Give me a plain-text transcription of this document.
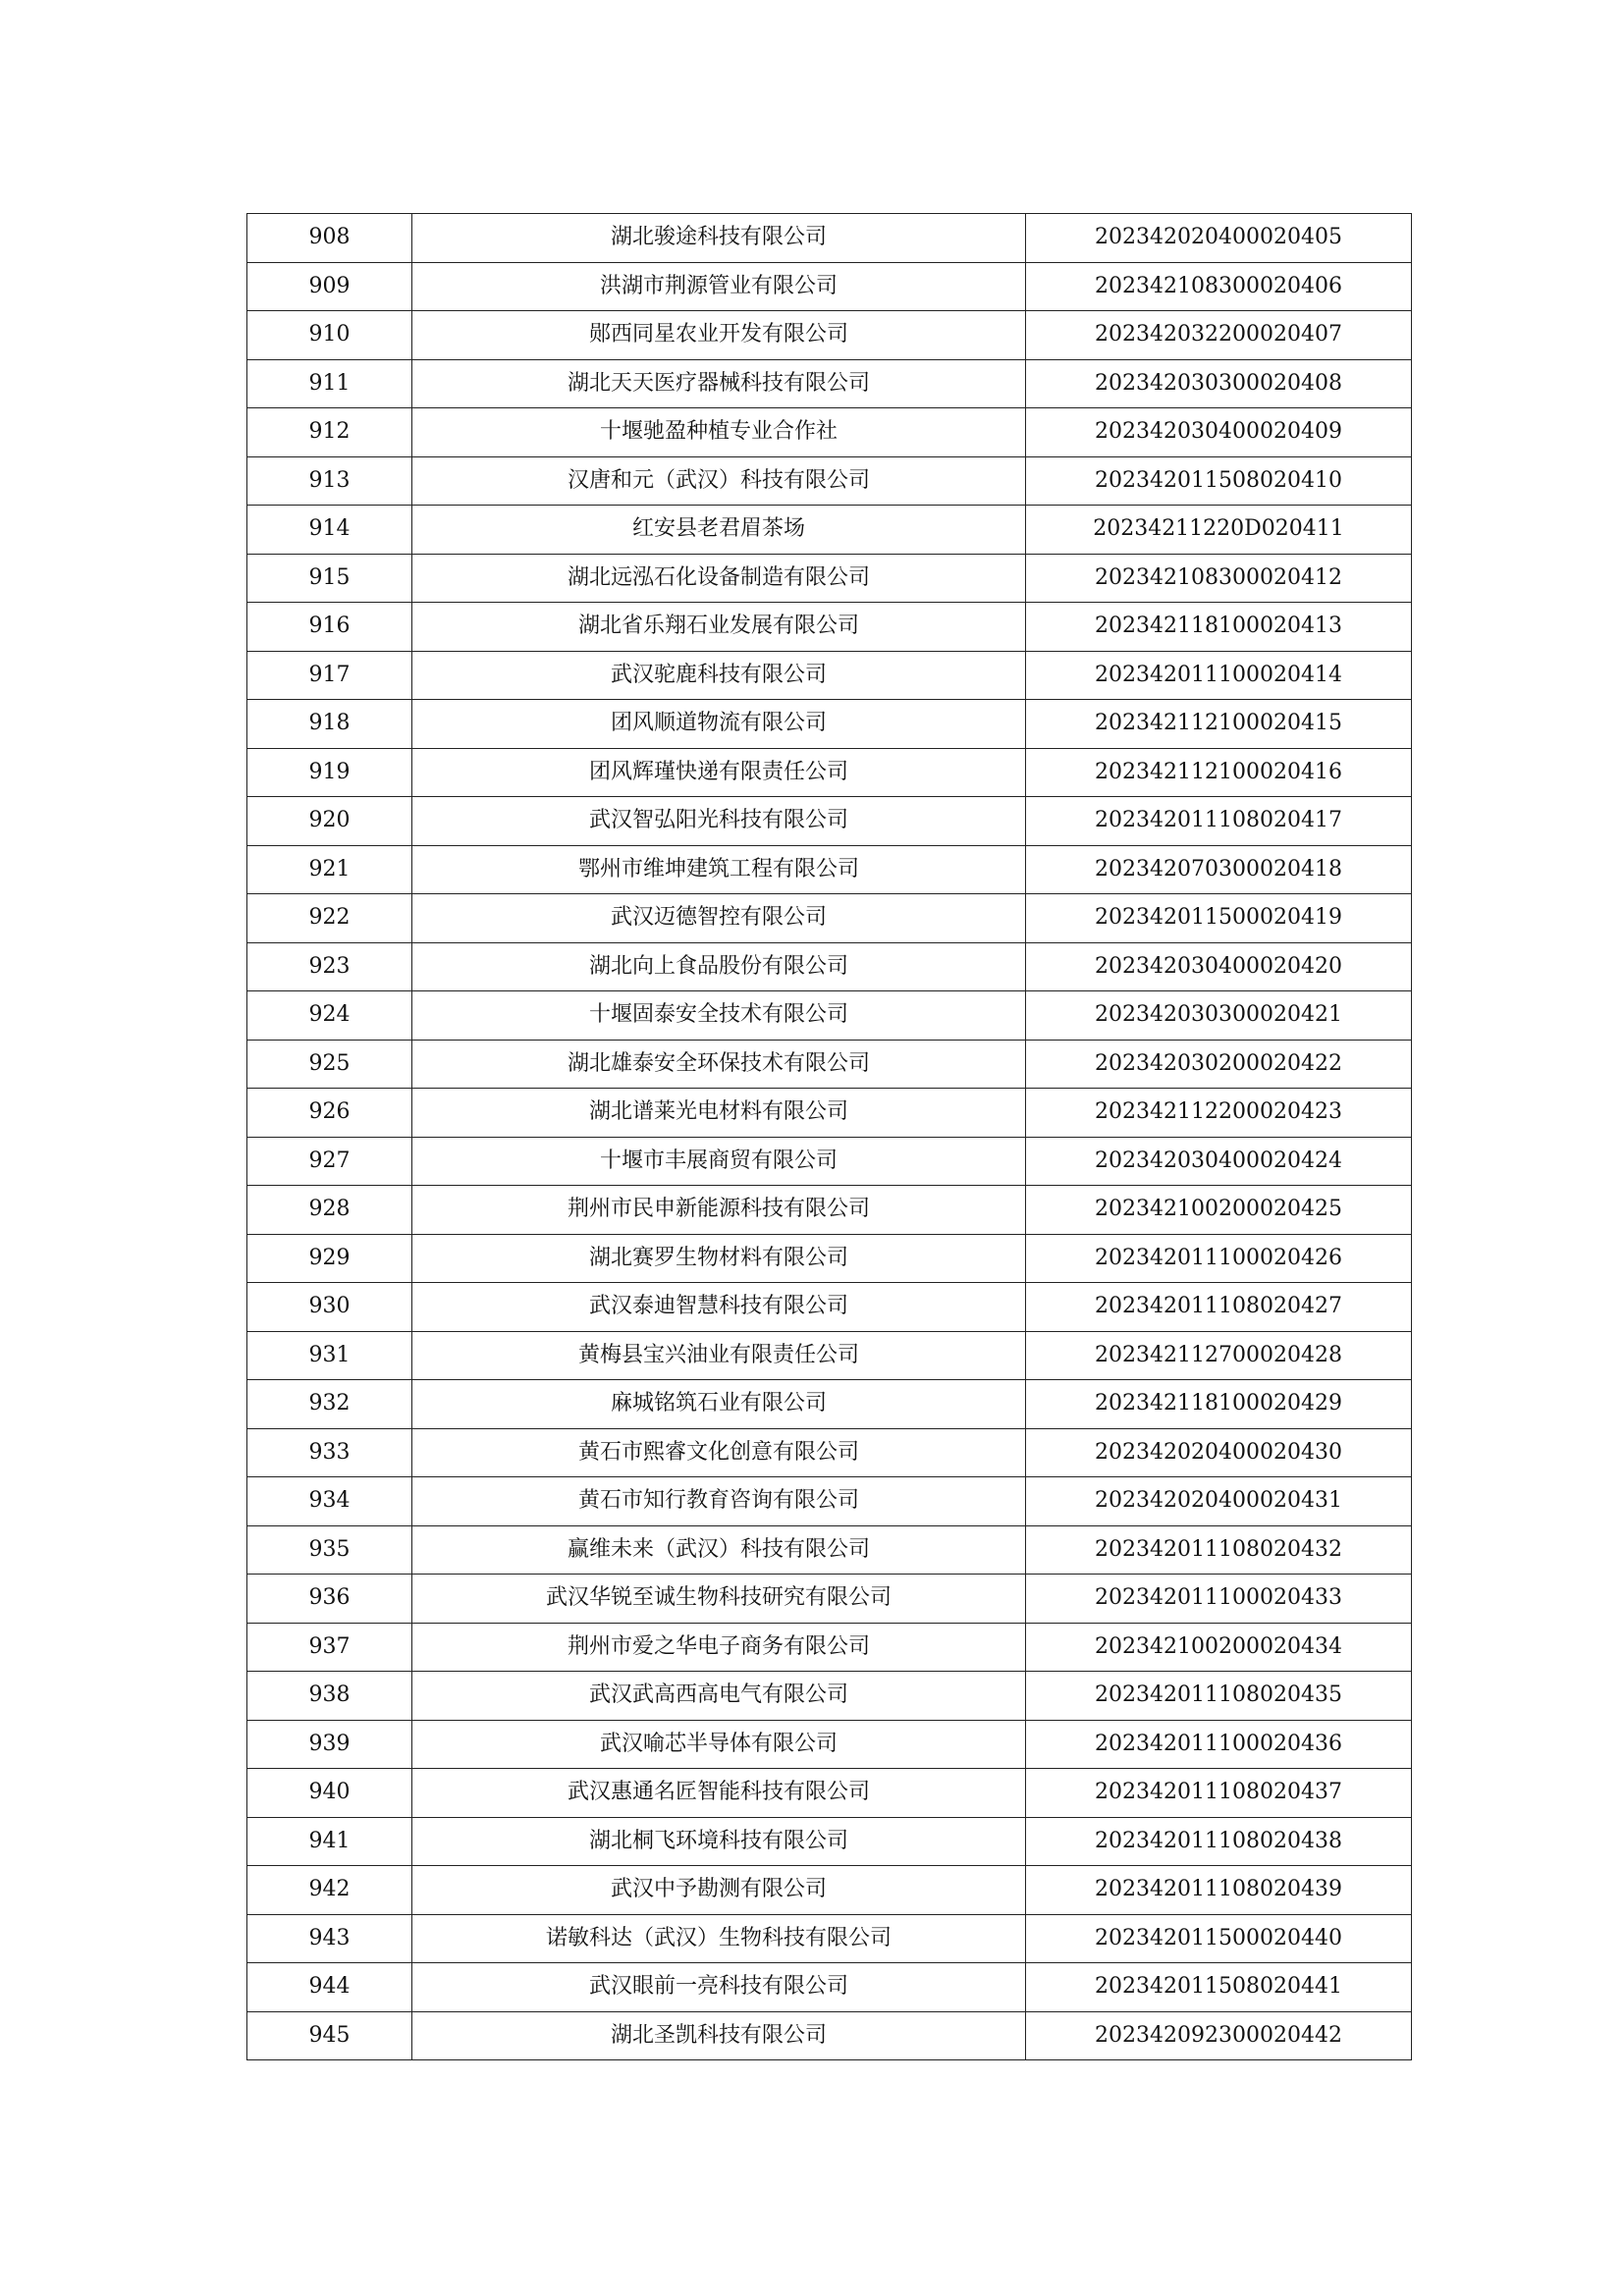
908	湖北骏途科技有限公司	202342020400020405
909	洪湖市荆源管业有限公司	202342108300020406
910	郧西同星农业开发有限公司	202342032200020407
911	湖北天天医疗器械科技有限公司	202342030300020408
912	十堰驰盈种植专业合作社	202342030400020409
913	汉唐和元（武汉）科技有限公司	202342011508020410
914	红安县老君眉茶场	20234211220D020411
915	湖北远泓石化设备制造有限公司	202342108300020412
916	湖北省乐翔石业发展有限公司	202342118100020413
917	武汉驼鹿科技有限公司	202342011100020414
918	团风顺道物流有限公司	202342112100020415
919	团风辉瑾快递有限责任公司	202342112100020416
920	武汉智弘阳光科技有限公司	202342011108020417
921	鄂州市维坤建筑工程有限公司	202342070300020418
922	武汉迈德智控有限公司	202342011500020419
923	湖北向上食品股份有限公司	202342030400020420
924	十堰固泰安全技术有限公司	202342030300020421
925	湖北雄泰安全环保技术有限公司	202342030200020422
926	湖北谱莱光电材料有限公司	202342112200020423
927	十堰市丰展商贸有限公司	202342030400020424
928	荆州市民申新能源科技有限公司	202342100200020425
929	湖北赛罗生物材料有限公司	202342011100020426
930	武汉泰迪智慧科技有限公司	202342011108020427
931	黄梅县宝兴油业有限责任公司	202342112700020428
932	麻城铭筑石业有限公司	202342118100020429
933	黄石市熙睿文化创意有限公司	202342020400020430
934	黄石市知行教育咨询有限公司	202342020400020431
935	赢维未来（武汉）科技有限公司	202342011108020432
936	武汉华锐至诚生物科技研究有限公司	202342011100020433
937	荆州市爱之华电子商务有限公司	202342100200020434
938	武汉武高西高电气有限公司	202342011108020435
939	武汉喻芯半导体有限公司	202342011100020436
940	武汉惠通名匠智能科技有限公司	202342011108020437
941	湖北桐飞环境科技有限公司	202342011108020438
942	武汉中予勘测有限公司	202342011108020439
943	诺敏科达（武汉）生物科技有限公司	202342011500020440
944	武汉眼前一亮科技有限公司	202342011508020441
945	湖北圣凯科技有限公司	202342092300020442
